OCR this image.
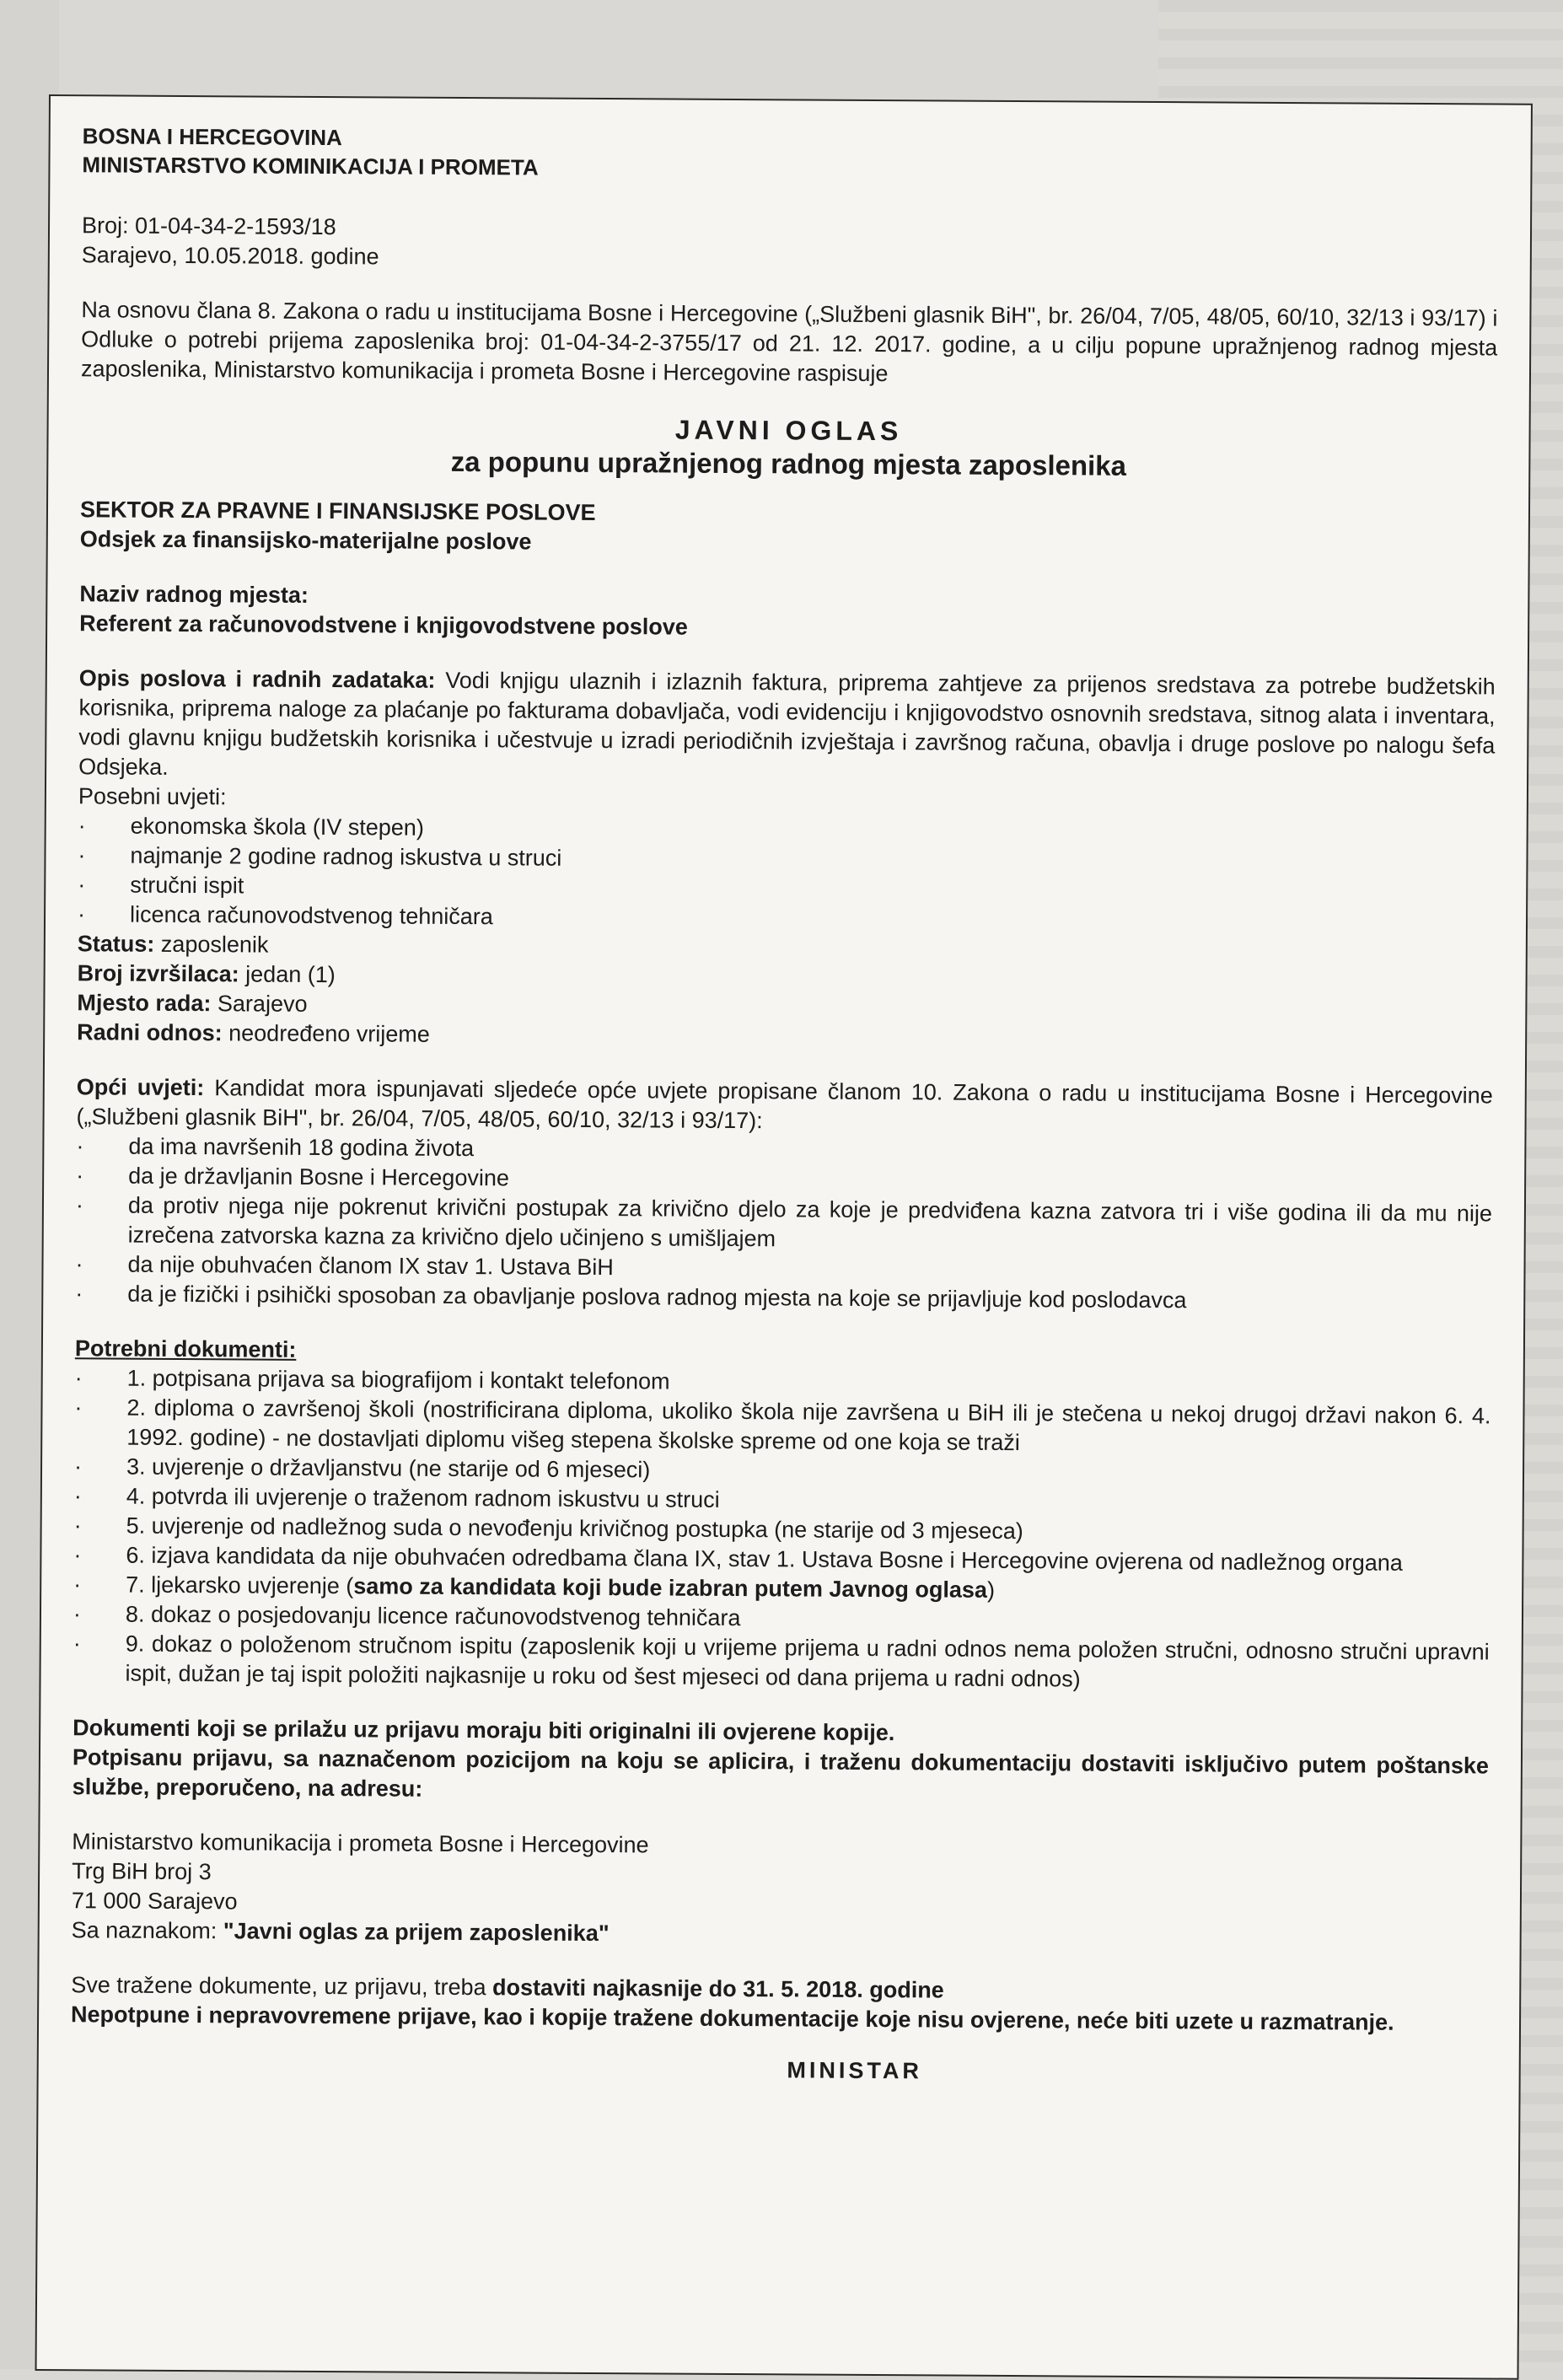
BOSNA I HERCEGOVINA
MINISTARSTVO KOMINIKACIJA I PROMETA
Broj: 01-04-34-2-1593/18
Sarajevo, 10.05.2018. godine

Na osnovu člana 8. Zakona o radu u institucijama Bosne i Hercegovine („Službeni glasnik BiH", br. 26/04, 7/05, 48/05, 60/10, 32/13 i 93/17) i Odluke o potrebi prijema zaposlenika broj: 01-04-34-2-3755/17 od 21. 12. 2017. godine, a u cilju popune upražnjenog radnog mjesta zaposlenika, Ministarstvo komunikacija i prometa Bosne i Hercegovine raspisuje

JAVNI OGLAS
za popunu upražnjenog radnog mjesta zaposlenika
SEKTOR ZA PRAVNE I FINANSIJSKE POSLOVE
Odsjek za finansijsko-materijalne poslove
Naziv radnog mjesta:
Referent za računovodstvene i knjigovodstvene poslove

Opis poslova i radnih zadataka: Vodi knjigu ulaznih i izlaznih faktura, priprema zahtjeve za prijenos sredstava za potrebe budžetskih korisnika, priprema naloge za plaćanje po fakturama dobavljača, vodi evidenciju i knjigovodstvo osnovnih sredstava, sitnog alata i inventara, vodi glavnu knjigu budžetskih korisnika i učestvuje u izradi periodičnih izvještaja i završnog računa, obavlja i druge poslove po nalogu šefa Odsjeka.

Posebni uvjeti:
· ekonomska škola (IV stepen)
· najmanje 2 godine radnog iskustva u struci
· stručni ispit
· licenca računovodstvenog tehničara
Status: zaposlenik
Broj izvršilaca: jedan (1)
Mjesto rada: Sarajevo
Radni odnos: neodređeno vrijeme

Opći uvjeti: Kandidat mora ispunjavati sljedeće opće uvjete propisane članom 10. Zakona o radu u institucijama Bosne i Hercegovine („Službeni glasnik BiH", br. 26/04, 7/05, 48/05, 60/10, 32/13 i 93/17):

· da ima navršenih 18 godina života
· da je državljanin Bosne i Hercegovine
· da protiv njega nije pokrenut krivični postupak za krivično djelo za koje je predviđena kazna zatvora tri i više godina ili da mu nije izrečena zatvorska kazna za krivično djelo učinjeno s umišljajem
· da nije obuhvaćen članom IX stav 1. Ustava BiH
· da je fizički i psihički sposoban za obavljanje poslova radnog mjesta na koje se prijavljuje kod poslodavca
Potrebni dokumenti:
· 1. potpisana prijava sa biografijom i kontakt telefonom
· 2. diploma o završenoj školi (nostrificirana diploma, ukoliko škola nije završena u BiH ili je stečena u nekoj drugoj državi nakon 6. 4. 1992. godine) - ne dostavljati diplomu višeg stepena školske spreme od one koja se traži
· 3. uvjerenje o državljanstvu (ne starije od 6 mjeseci)
· 4. potvrda ili uvjerenje o traženom radnom iskustvu u struci
· 5. uvjerenje od nadležnog suda o nevođenju krivičnog postupka (ne starije od 3 mjeseca)
· 6. izjava kandidata da nije obuhvaćen odredbama člana IX, stav 1. Ustava Bosne i Hercegovine ovjerena od nadležnog organa
· 7. ljekarsko uvjerenje (samo za kandidata koji bude izabran putem Javnog oglasa)
· 8. dokaz o posjedovanju licence računovodstvenog tehničara
· 9. dokaz o položenom stručnom ispitu (zaposlenik koji u vrijeme prijema u radni odnos nema položen stručni, odnosno stručni upravni ispit, dužan je taj ispit položiti najkasnije u roku od šest mjeseci od dana prijema u radni odnos)

Dokumenti koji se prilažu uz prijavu moraju biti originalni ili ovjerene kopije.

Potpisanu prijavu, sa naznačenom pozicijom na koju se aplicira, i traženu dokumentaciju dostaviti isključivo putem poštanske službe, preporučeno, na adresu:

Ministarstvo komunikacija i prometa Bosne i Hercegovine
Trg BiH broj 3
71 000 Sarajevo
Sa naznakom: "Javni oglas za prijem zaposlenika"

Sve tražene dokumente, uz prijavu, treba dostaviti najkasnije do 31. 5. 2018. godine

Nepotpune i nepravovremene prijave, kao i kopije tražene dokumentacije koje nisu ovjerene, neće biti uzete u razmatranje.

MINISTAR
